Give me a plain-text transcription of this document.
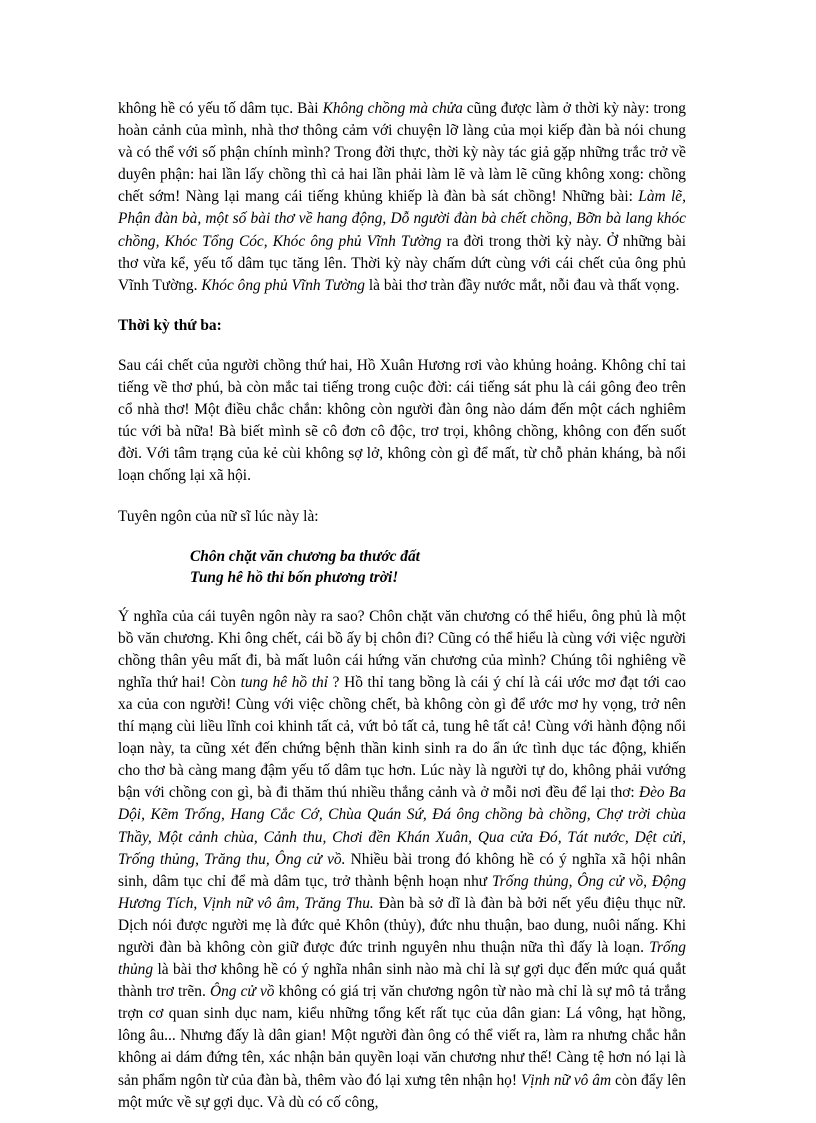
không hề có yếu tố dâm tục. Bài Không chồng mà chửa cũng được làm ở thời kỳ này: trong hoàn cảnh của mình, nhà thơ thông cảm với chuyện lỡ làng của mọi kiếp đàn bà nói chung và có thể với số phận chính mình? Trong đời thực, thời kỳ này tác giả gặp những trắc trở về duyên phận: hai lần lấy chồng thì cả hai lần phải làm lẽ và làm lẽ cũng không xong: chồng chết sớm! Nàng lại mang cái tiếng khủng khiếp là đàn bà sát chồng! Những bài: Làm lẽ, Phận đàn bà, một số bài thơ về hang động, Dỗ người đàn bà chết chồng, Bỡn bà lang khóc chồng, Khóc Tổng Cóc, Khóc ông phủ Vĩnh Tường ra đời trong thời kỳ này. Ở những bài thơ vừa kể, yếu tố dâm tục tăng lên. Thời kỳ này chấm dứt cùng với cái chết của ông phủ Vĩnh Tường. Khóc ông phủ Vĩnh Tường là bài thơ tràn đầy nước mắt, nỗi đau và thất vọng.

Thời kỳ thứ ba:

Sau cái chết của người chồng thứ hai, Hồ Xuân Hương rơi vào khủng hoảng. Không chỉ tai tiếng về thơ phú, bà còn mắc tai tiếng trong cuộc đời: cái tiếng sát phu là cái gông đeo trên cổ nhà thơ! Một điều chắc chắn: không còn người đàn ông nào dám đến một cách nghiêm túc với bà nữa! Bà biết mình sẽ cô đơn cô độc, trơ trọi, không chồng, không con đến suốt đời. Với tâm trạng của kẻ cùi không sợ lở, không còn gì để mất, từ chỗ phản kháng, bà nổi loạn chống lại xã hội.

Tuyên ngôn của nữ sĩ lúc này là:

Chôn chặt văn chương ba thước đất

Tung hê hồ thỉ bốn phương trời!

Ý nghĩa của cái tuyên ngôn này ra sao? Chôn chặt văn chương có thể hiểu, ông phủ là một bồ văn chương. Khi ông chết, cái bồ ấy bị chôn đi? Cũng có thể hiểu là cùng với việc người chồng thân yêu mất đi, bà mất luôn cái hứng văn chương của mình? Chúng tôi nghiêng về nghĩa thứ hai! Còn tung hê hồ thỉ ? Hồ thỉ tang bồng là cái ý chí là cái ước mơ đạt tới cao xa của con người! Cùng với việc chồng chết, bà không còn gì để ước mơ hy vọng, trở nên thí mạng cùi liều lĩnh coi khinh tất cả, vứt bỏ tất cả, tung hê tất cả! Cùng với hành động nổi loạn này, ta cũng xét đến chứng bệnh thần kinh sinh ra do ẩn ức tình dục tác động, khiến cho thơ bà càng mang đậm yếu tố dâm tục hơn. Lúc này là người tự do, không phải vướng bận với chồng con gì, bà đi thăm thú nhiều thắng cảnh và ở mỗi nơi đều để lại thơ: Đèo Ba Dội, Kẽm Trống, Hang Cắc Cớ, Chùa Quán Sứ, Đá ông chồng bà chồng, Chợ trời chùa Thầy, Một cảnh chùa, Cảnh thu, Chơi đền Khán Xuân, Qua cửa Đó, Tát nước, Dệt cửi, Trống thủng, Trăng thu, Ông cử vồ. Nhiều bài trong đó không hề có ý nghĩa xã hội nhân sinh, dâm tục chỉ để mà dâm tục, trở thành bệnh hoạn như Trống thủng, Ông cử vồ, Động Hương Tích, Vịnh nữ vô âm, Trăng Thu. Đàn bà sở dĩ là đàn bà bởi nết yểu điệu thục nữ. Dịch nói được người mẹ là đức quẻ Khôn (thủy), đức nhu thuận, bao dung, nuôi nấng. Khi người đàn bà không còn giữ được đức trinh nguyên nhu thuận nữa thì đấy là loạn. Trống thủng là bài thơ không hề có ý nghĩa nhân sinh nào mà chỉ là sự gợi dục đến mức quá quắt thành trơ trẽn. Ông cử vồ không có giá trị văn chương ngôn từ nào mà chỉ là sự mô tả trắng trợn cơ quan sinh dục nam, kiểu những tổng kết rất tục của dân gian: Lá vông, hạt hồng, lông âu... Nhưng đấy là dân gian! Một người đàn ông có thể viết ra, làm ra nhưng chắc hẳn không ai dám đứng tên, xác nhận bản quyền loại văn chương như thế! Càng tệ hơn nó lại là sản phẩm ngôn từ của đàn bà, thêm vào đó lại xưng tên nhận họ! Vịnh nữ vô âm còn đẩy lên một mức về sự gợi dục. Và dù có cố công,
